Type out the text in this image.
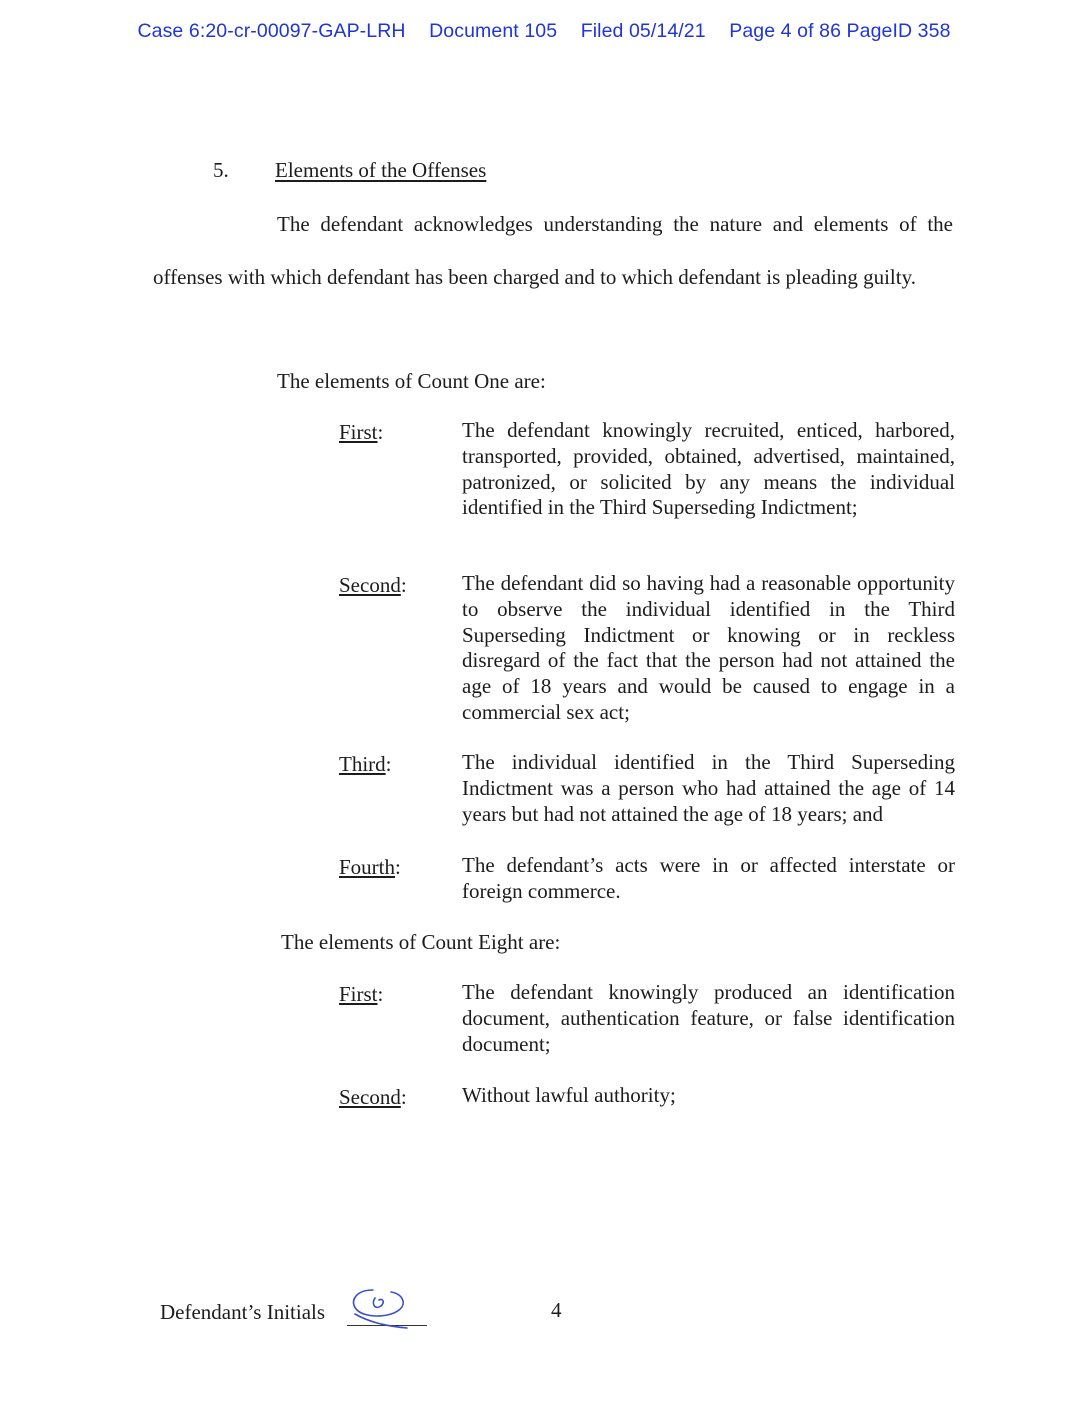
Case 6:20-cr-00097-GAP-LRH Document 105 Filed 05/14/21 Page 4 of 86 PageID 358
5. Elements of the Offenses
The defendant acknowledges understanding the nature and elements of the offenses with which defendant has been charged and to which defendant is pleading guilty.
The elements of Count One are:
First:	The defendant knowingly recruited, enticed, harbored, transported, provided, obtained, advertised, maintained, patronized, or solicited by any means the individual identified in the Third Superseding Indictment;
Second:	The defendant did so having had a reasonable opportunity to observe the individual identified in the Third Superseding Indictment or knowing or in reckless disregard of the fact that the person had not attained the age of 18 years and would be caused to engage in a commercial sex act;
Third:	The individual identified in the Third Superseding Indictment was a person who had attained the age of 14 years but had not attained the age of 18 years; and
Fourth:	The defendant’s acts were in or affected interstate or foreign commerce.
The elements of Count Eight are:
First:	The defendant knowingly produced an identification document, authentication feature, or false identification document;
Second:	Without lawful authority;
Defendant’s Initials	4
